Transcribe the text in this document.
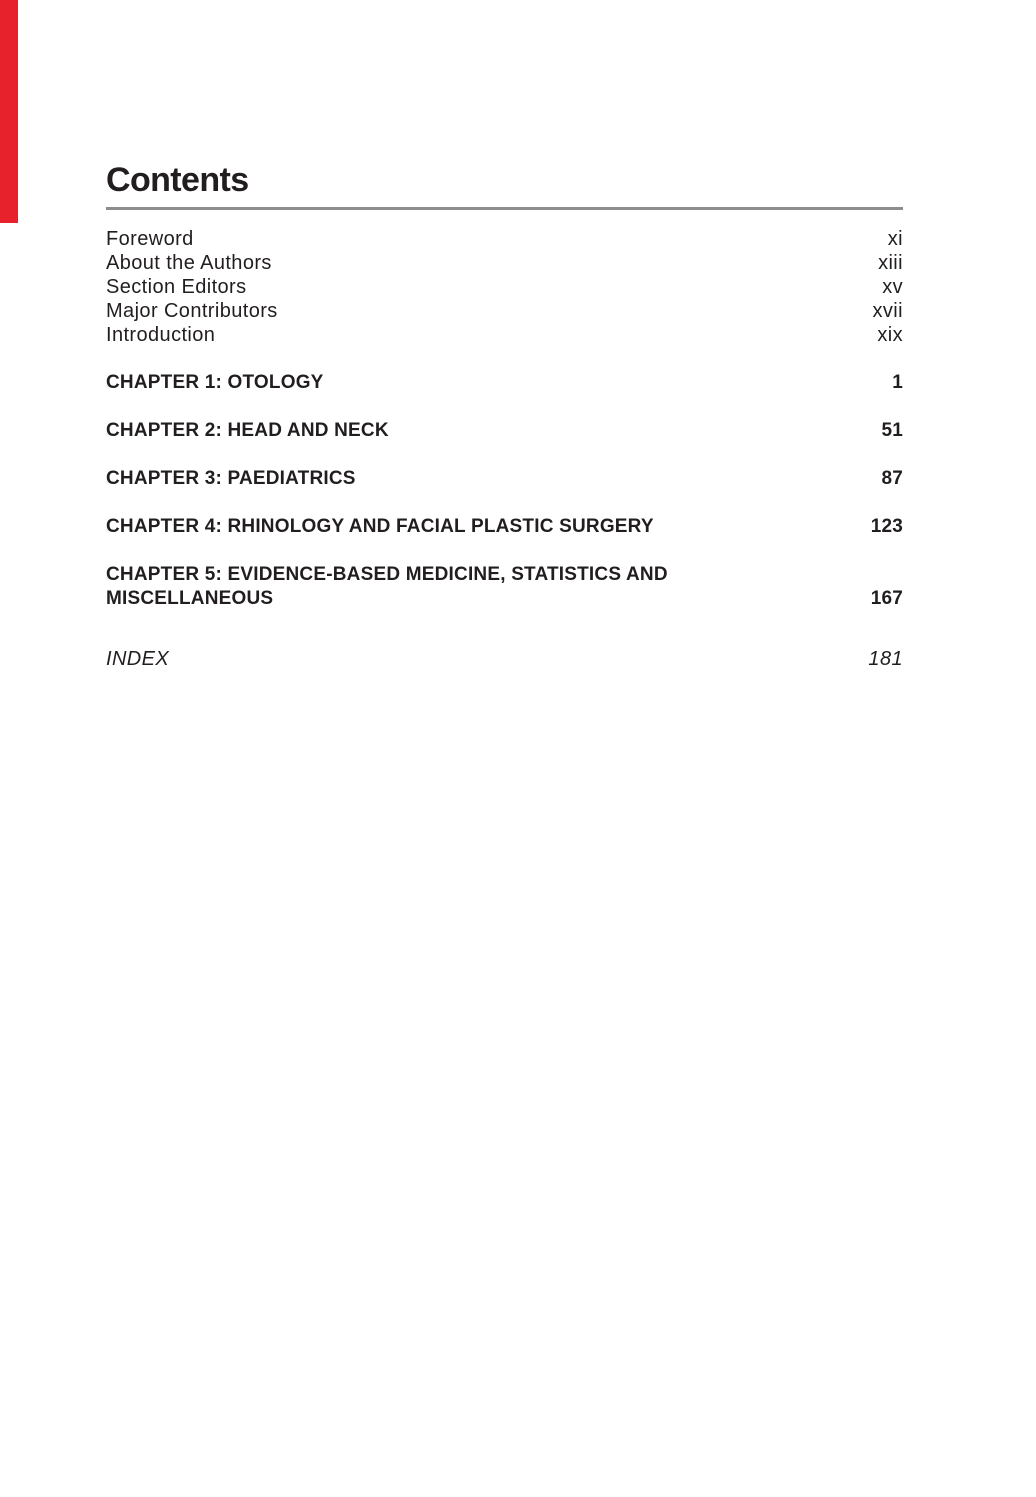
Contents
Foreword	xi
About the Authors	xiii
Section Editors	xv
Major Contributors	xvii
Introduction	xix
CHAPTER 1: OTOLOGY	1
CHAPTER 2: HEAD AND NECK	51
CHAPTER 3: PAEDIATRICS	87
CHAPTER 4: RHINOLOGY AND FACIAL PLASTIC SURGERY	123
CHAPTER 5: EVIDENCE-BASED MEDICINE, STATISTICS AND MISCELLANEOUS	167
INDEX	181
